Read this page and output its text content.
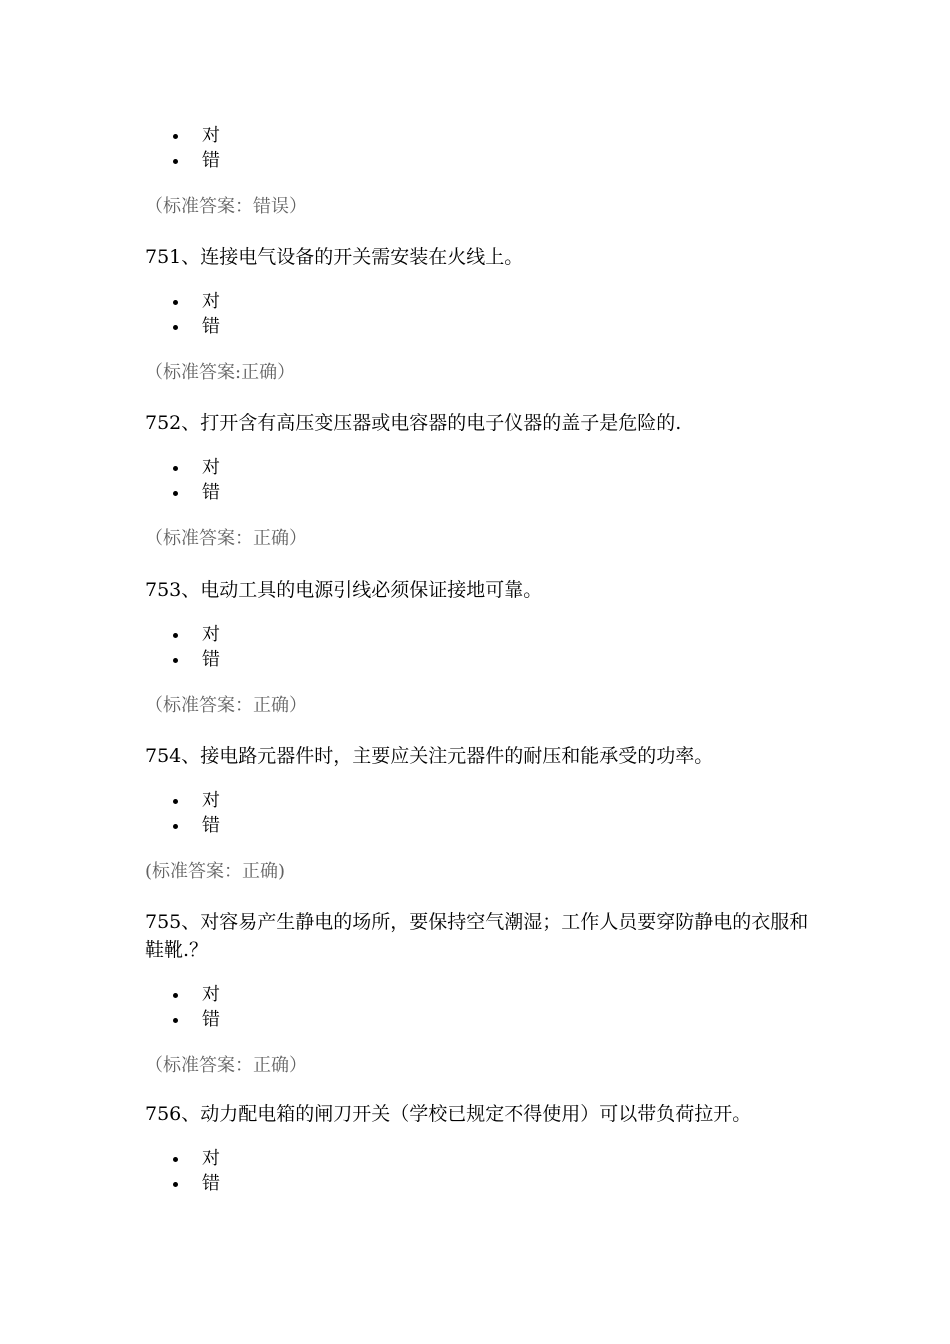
对
错
（标准答案：错误）
751、连接电气设备的开关需安装在火线上。
对
错
（标准答案:正确）
752、打开含有高压变压器或电容器的电子仪器的盖子是危险的.
对
错
（标准答案：正确）
753、电动工具的电源引线必须保证接地可靠。
对
错
（标准答案：正确）
754、接电路元器件时，主要应关注元器件的耐压和能承受的功率。
对
错
(标准答案：正确)
755、对容易产生静电的场所，要保持空气潮湿；工作人员要穿防静电的衣服和鞋靴.？
对
错
（标准答案：正确）
756、动力配电箱的闸刀开关（学校已规定不得使用）可以带负荷拉开。
对
错
